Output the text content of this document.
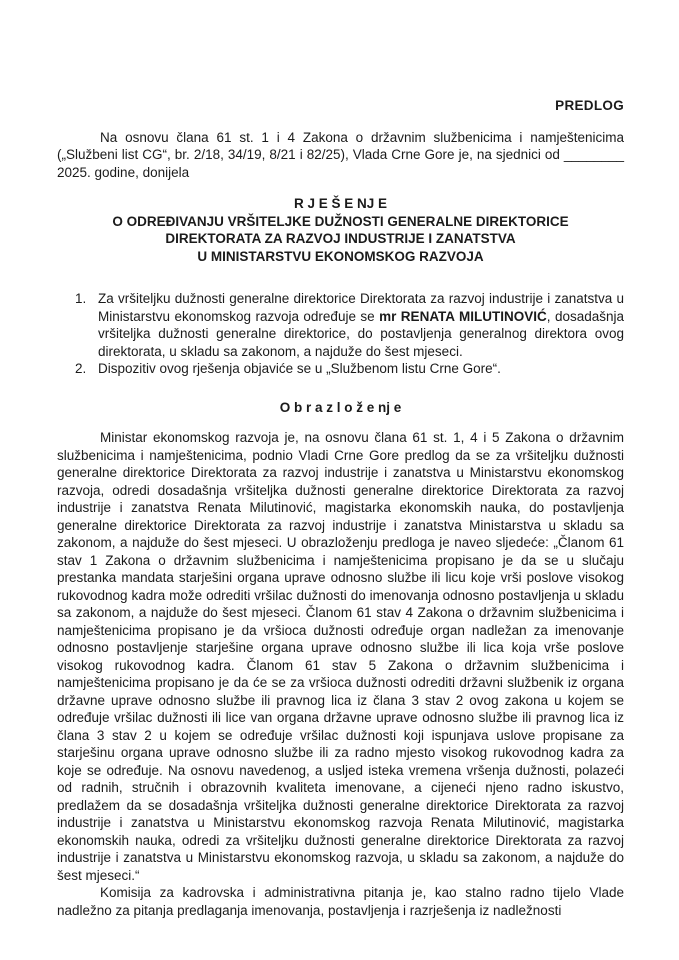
PREDLOG

Na osnovu člana 61 st. 1 i 4 Zakona o državnim službenicima i namještenicima („Službeni list CG“, br. 2/18, 34/19, 8/21 i 82/25), Vlada Crne Gore je, na sjednici od ________ 2025. godine, donijela

R J E Š E NJ E

O ODREĐIVANJU VRŠITELJKE DUŽNOSTI GENERALNE DIREKTORICE

DIREKTORATA ZA RAZVOJ INDUSTRIJE I ZANATSTVA

U MINISTARSTVU EKONOMSKOG RAZVOJA

1. Za vršiteljku dužnosti generalne direktorice Direktorata za razvoj industrije i zanatstva u Ministarstvu ekonomskog razvoja određuje se mr RENATA MILUTINOVIĆ, dosadašnja vršiteljka dužnosti generalne direktorice, do postavljenja generalnog direktora ovog direktorata, u skladu sa zakonom, a najduže do šest mjeseci.

2. Dispozitiv ovog rješenja objaviće se u „Službenom listu Crne Gore“.

O b r a z l o ž e nj e

Ministar ekonomskog razvoja je, na osnovu člana 61 st. 1, 4 i 5 Zakona o državnim službenicima i namještenicima, podnio Vladi Crne Gore predlog da se za vršiteljku dužnosti generalne direktorice Direktorata za razvoj industrije i zanatstva u Ministarstvu ekonomskog razvoja, odredi dosadašnja vršiteljka dužnosti generalne direktorice Direktorata za razvoj industrije i zanatstva Renata Milutinović, magistarka ekonomskih nauka, do postavljenja generalne direktorice Direktorata za razvoj industrije i zanatstva Ministarstva u skladu sa zakonom, a najduže do šest mjeseci. U obrazloženju predloga je naveo sljedeće: „Članom 61 stav 1 Zakona o državnim službenicima i namještenicima propisano je da se u slučaju prestanka mandata starješini organa uprave odnosno službe ili licu koje vrši poslove visokog rukovodnog kadra može odrediti vršilac dužnosti do imenovanja odnosno postavljenja u skladu sa zakonom, a najduže do šest mjeseci. Članom 61 stav 4 Zakona o državnim službenicima i namještenicima propisano je da vršioca dužnosti određuje organ nadležan za imenovanje odnosno postavljenje starješine organa uprave odnosno službe ili lica koja vrše poslove visokog rukovodnog kadra. Članom 61 stav 5 Zakona o državnim službenicima i namještenicima propisano je da će se za vršioca dužnosti odrediti državni službenik iz organa državne uprave odnosno službe ili pravnog lica iz člana 3 stav 2 ovog zakona u kojem se određuje vršilac dužnosti ili lice van organa državne uprave odnosno službe ili pravnog lica iz člana 3 stav 2 u kojem se određuje vršilac dužnosti koji ispunjava uslove propisane za starješinu organa uprave odnosno službe ili za radno mjesto visokog rukovodnog kadra za koje se određuje. Na osnovu navedenog, a usljed isteka vremena vršenja dužnosti, polazeći od radnih, stručnih i obrazovnih kvaliteta imenovane, a cijeneći njeno radno iskustvo, predlažem da se dosadašnja vršiteljka dužnosti generalne direktorice Direktorata za razvoj industrije i zanatstva u Ministarstvu ekonomskog razvoja Renata Milutinović, magistarka ekonomskih nauka, odredi za vršiteljku dužnosti generalne direktorice Direktorata za razvoj industrije i zanatstva u Ministarstvu ekonomskog razvoja, u skladu sa zakonom, a najduže do šest mjeseci.“

Komisija za kadrovska i administrativna pitanja je, kao stalno radno tijelo Vlade nadležno za pitanja predlaganja imenovanja, postavljenja i razrješenja iz nadležnosti
